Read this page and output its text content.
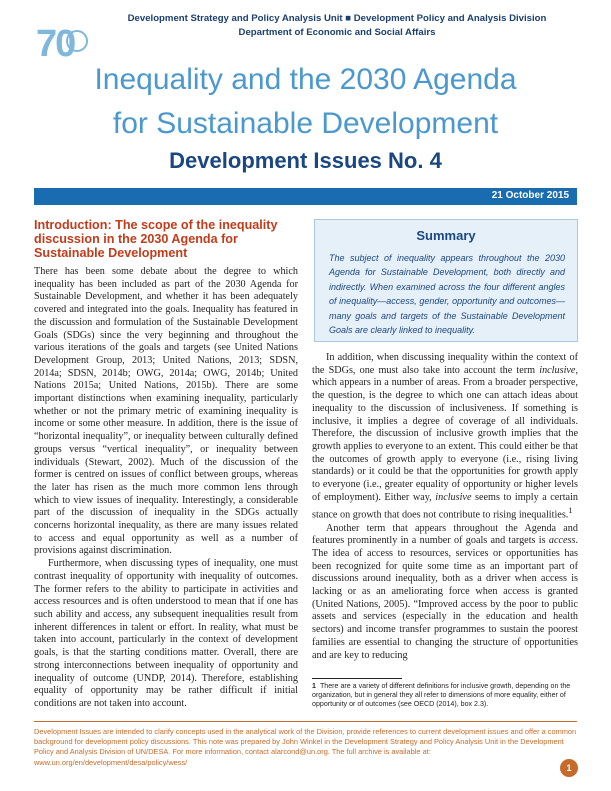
70
Development Strategy and Policy Analysis Unit ■ Development Policy and Analysis Division
Department of Economic and Social Affairs
Inequality and the 2030 Agenda
for Sustainable Development
Development Issues No. 4
21 October 2015
Introduction: The scope of the inequality discussion in the 2030 Agenda for Sustainable Development

There has been some debate about the degree to which inequality has been included as part of the 2030 Agenda for Sustainable Development, and whether it has been adequately covered and integrated into the goals. Inequality has featured in the discussion and formulation of the Sustainable Development Goals (SDGs) since the very beginning and throughout the various iterations of the goals and targets (see United Nations Development Group, 2013; United Nations, 2013; SDSN, 2014a; SDSN, 2014b; OWG, 2014a; OWG, 2014b; United Nations 2015a; United Nations, 2015b). There are some important distinctions when examining inequality, particularly whether or not the primary metric of examining inequality is income or some other measure. In addition, there is the issue of “horizontal inequality”, or inequality between culturally defined groups versus “vertical inequality”, or inequality between individuals (Stewart, 2002). Much of the discussion of the former is centred on issues of conflict between groups, whereas the later has risen as the much more common lens through which to view issues of inequality. Interestingly, a considerable part of the discussion of inequality in the SDGs actually concerns horizontal inequality, as there are many issues related to access and equal opportunity as well as a number of provisions against discrimination.

Furthermore, when discussing types of inequality, one must contrast inequality of opportunity with inequality of outcomes. The former refers to the ability to participate in activities and access resources and is often understood to mean that if one has such ability and access, any subsequent inequalities result from inherent differences in talent or effort. In reality, what must be taken into account, particularly in the context of development goals, is that the starting conditions matter. Overall, there are strong interconnections between inequality of opportunity and inequality of outcome (UNDP, 2014). Therefore, establishing equality of opportunity may be rather difficult if initial conditions are not taken into account.

Summary
The subject of inequality appears throughout the 2030 Agenda for Sustainable Development, both directly and indirectly. When examined across the four different angles of inequality—access, gender, opportunity and outcomes—many goals and targets of the Sustainable Development Goals are clearly linked to inequality.

In addition, when discussing inequality within the context of the SDGs, one must also take into account the term inclusive, which appears in a number of areas. From a broader perspective, the question, is the degree to which one can attach ideas about inequality to the discussion of inclusiveness. If something is inclusive, it implies a degree of coverage of all individuals. Therefore, the discussion of inclusive growth implies that the growth applies to everyone to an extent. This could either be that the outcomes of growth apply to everyone (i.e., rising living standards) or it could be that the opportunities for growth apply to everyone (i.e., greater equality of opportunity or higher levels of employment). Either way, inclusive seems to imply a certain stance on growth that does not contribute to rising inequalities.$^1$

Another term that appears throughout the Agenda and features prominently in a number of goals and targets is access. The idea of access to resources, services or opportunities has been recognized for quite some time as an important part of discussions around inequality, both as a driver when access is lacking or as an ameliorating force when access is granted (United Nations, 2005). “Improved access by the poor to public assets and services (especially in the education and health sectors) and income transfer programmes to sustain the poorest families are essential to changing the structure of opportunities and are key to reducing

1 There are a variety of different definitions for inclusive growth, depending on the organization, but in general they all refer to dimensions of more equality, either of opportunity or of outcomes (see OECD (2014), box 2.3).
Development Issues are intended to clarify concepts used in the analytical work of the Division, provide references to current development issues and offer a common background for development policy discussions. This note was prepared by John Winkel in the Development Strategy and Policy Analysis Unit in the Development Policy and Analysis Division of UN/DESA. For more information, contact alarcond@un.org. The full archive is available at: www.un.org/en/development/desa/policy/wess/
1
